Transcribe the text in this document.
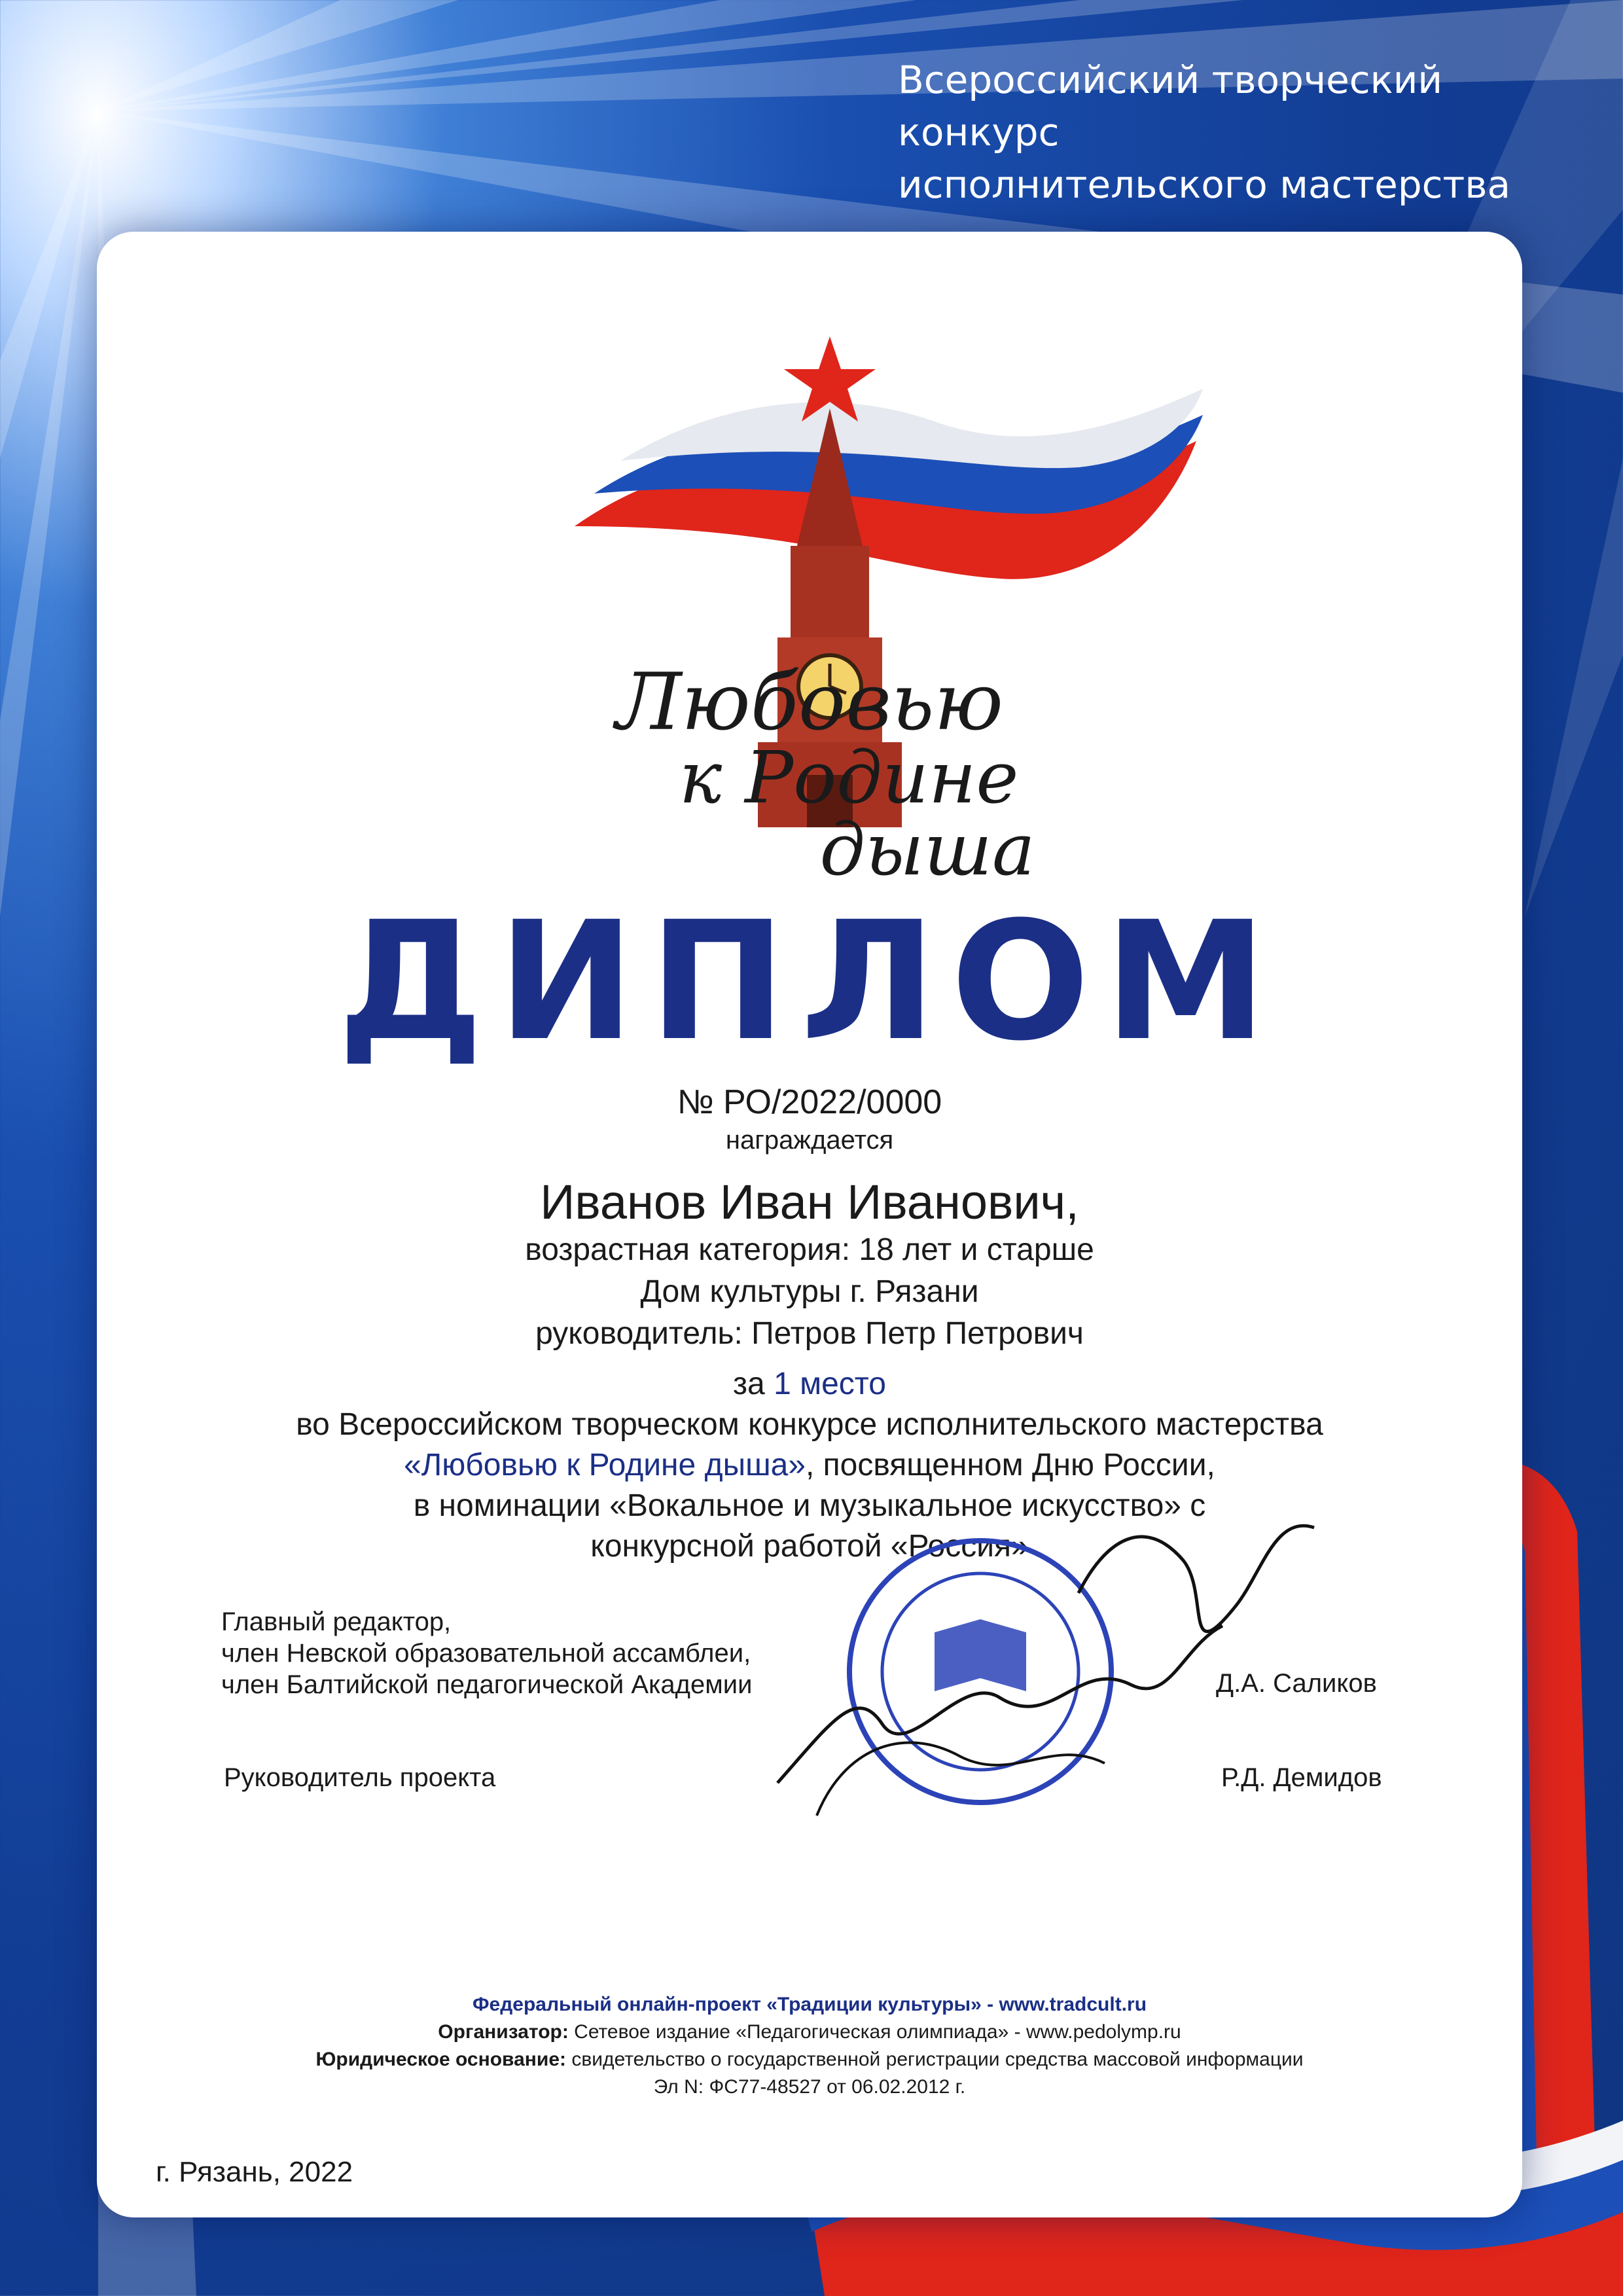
Всероссийский творческий конкурс
исполнительского мастерства
Любовью
к Родине
дыша
ДИПЛОМ
№ РО/2022/0000
награждается
Иванов Иван Иванович,
возрастная категория: 18 лет и старше
Дом культуры г. Рязани
руководитель: Петров Петр Петрович
за 1 место
во Всероссийском творческом конкурсе исполнительского мастерства
«Любовью к Родине дыша», посвященном Дню России,
в номинации «Вокальное и музыкальное искусство» с
конкурсной работой «Россия»
Главный редактор,
член Невской образовательной ассамблеи,
член Балтийской педагогической Академии	Д.А. Саликов
Руководитель проекта	Р.Д. Демидов
Федеральный онлайн-проект «Традиции культуры» - www.tradcult.ru
Организатор: Сетевое издание «Педагогическая олимпиада» - www.pedolymp.ru
Юридическое основание: свидетельство о государственной регистрации средства массовой информации
Эл N: ФС77-48527 от 06.02.2012 г.
г. Рязань, 2022
